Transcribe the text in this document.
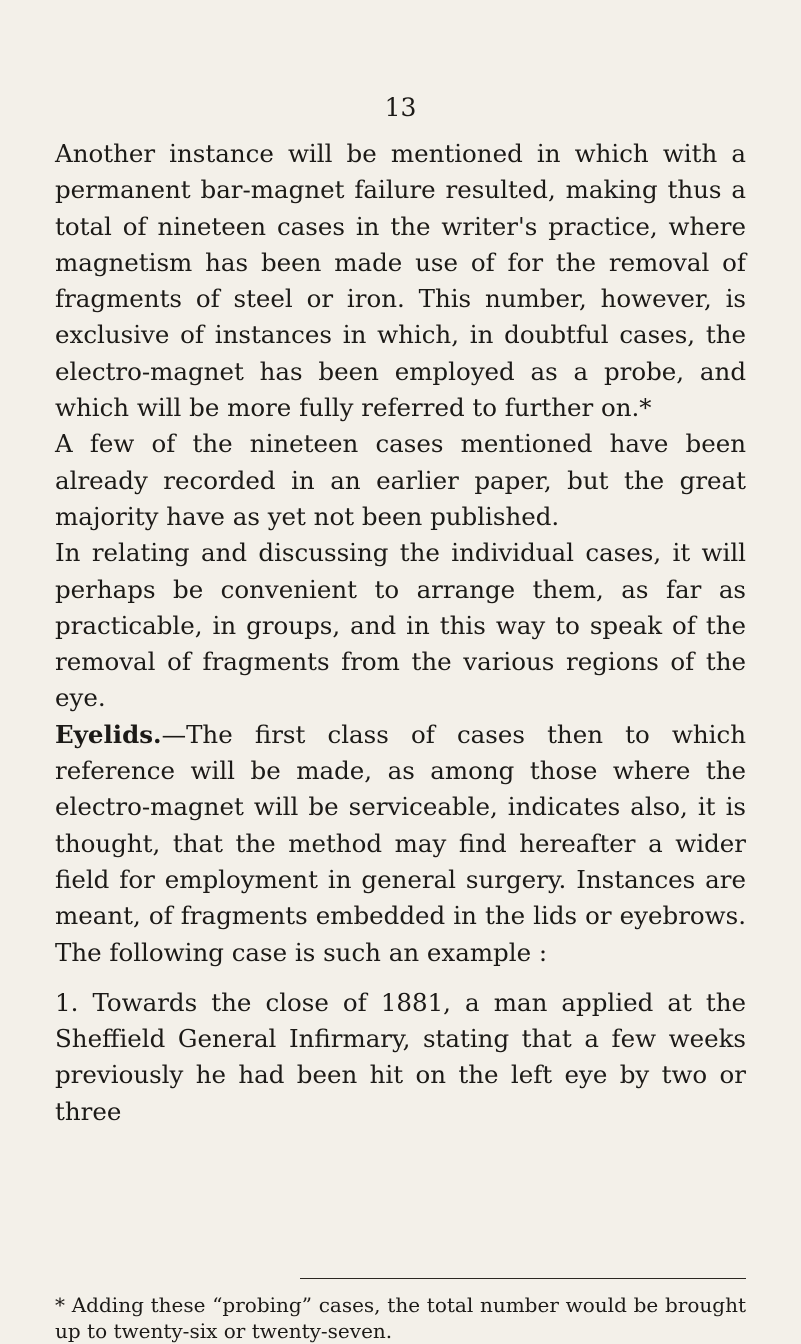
13

Another instance will be mentioned in which with a permanent bar-magnet failure resulted, making thus a total of nineteen cases in the writer's practice, where magnetism has been made use of for the removal of fragments of steel or iron. This number, however, is exclusive of instances in which, in doubtful cases, the electro-magnet has been employed as a probe, and which will be more fully referred to further on.*

A few of the nineteen cases mentioned have been already recorded in an earlier paper, but the great majority have as yet not been published.

In relating and discussing the individual cases, it will perhaps be convenient to arrange them, as far as practicable, in groups, and in this way to speak of the removal of fragments from the various regions of the eye.

Eyelids.—The first class of cases then to which reference will be made, as among those where the electro-magnet will be serviceable, indicates also, it is thought, that the method may find hereafter a wider field for employment in general surgery. Instances are meant, of fragments embedded in the lids or eyebrows. The following case is such an example :

1. Towards the close of 1881, a man applied at the Sheffield General Infirmary, stating that a few weeks previously he had been hit on the left eye by two or three

* Adding these “probing” cases, the total number would be brought up to twenty-six or twenty-seven.
